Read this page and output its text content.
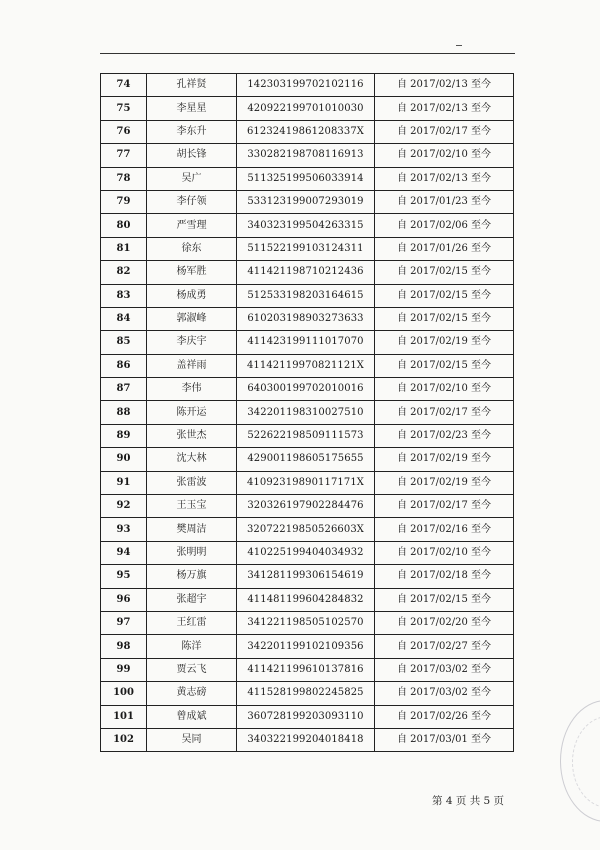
74	孔祥贤	142303199702102116	自 2017/02/13 至今
75	李星星	420922199701010030	自 2017/02/13 至今
76	李东升	61232419861208337X	自 2017/02/17 至今
77	胡长锋	330282198708116913	自 2017/02/10 至今
78	吴广	511325199506033914	自 2017/02/13 至今
79	李仔领	533123199007293019	自 2017/01/23 至今
80	严雪理	340323199504263315	自 2017/02/06 至今
81	徐东	511522199103124311	自 2017/01/26 至今
82	杨军胜	411421198710212436	自 2017/02/15 至今
83	杨成勇	512533198203164615	自 2017/02/15 至今
84	郭淑峰	610203198903273633	自 2017/02/15 至今
85	李庆宇	411423199111017070	自 2017/02/19 至今
86	盖祥雨	41142119970821121X	自 2017/02/15 至今
87	李伟	640300199702010016	自 2017/02/10 至今
88	陈开运	342201198310027510	自 2017/02/17 至今
89	张世杰	522622198509111573	自 2017/02/23 至今
90	沈大林	429001198605175655	自 2017/02/19 至今
91	张雷波	41092319890117171X	自 2017/02/19 至今
92	王玉宝	320326197902284476	自 2017/02/17 至今
93	樊周洁	32072219850526603X	自 2017/02/16 至今
94	张明明	410225199404034932	自 2017/02/10 至今
95	杨万旗	341281199306154619	自 2017/02/18 至今
96	张超宇	411481199604284832	自 2017/02/15 至今
97	王红雷	341221198505102570	自 2017/02/20 至今
98	陈洋	342201199102109356	自 2017/02/27 至今
99	贾云飞	411421199610137816	自 2017/03/02 至今
100	黄志磅	411528199802245825	自 2017/03/02 至今
101	曾成斌	360728199203093110	自 2017/02/26 至今
102	吴同	340322199204018418	自 2017/03/01 至今
第 4 页 共 5 页
